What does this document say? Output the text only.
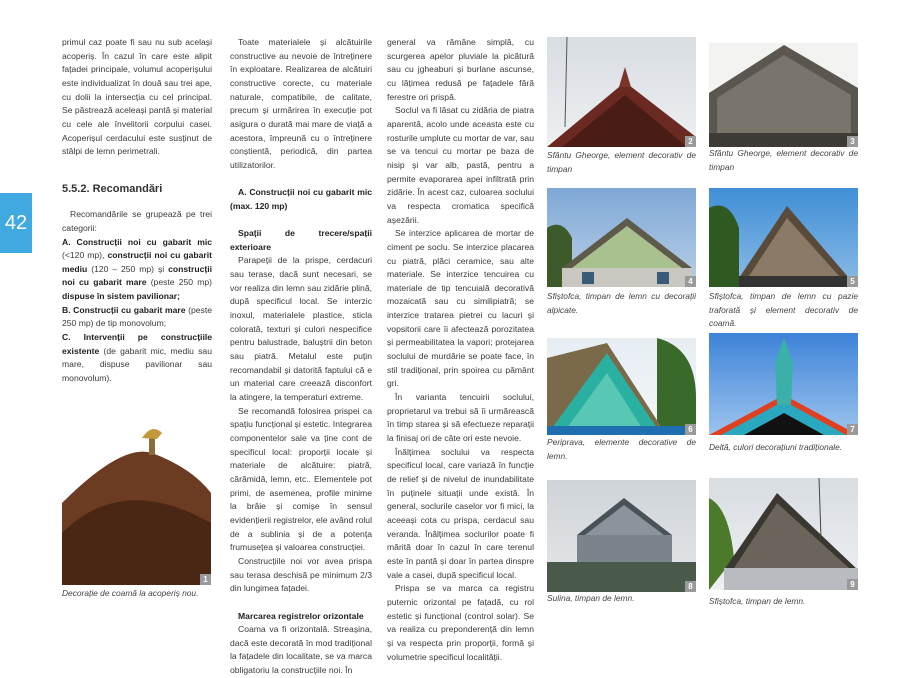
42

primul caz poate fi sau nu sub același acoperiș. În cazul în care este alipit fațadei principale, volumul acoperișului este individualizat în două sau trei ape, cu dolii la intersecția cu cel principal. Se păstrează aceleași pantă și material cu cele ale învelitorii corpului casei. Acoperișul cerdacului este susținut de stâlpi de lemn perimetrali.

5.5.2. Recomandări

Recomandările se grupează pe trei categorii:

A. Construcții noi cu gabarit mic (<120 mp), construcții noi cu gabarit mediu (120 – 250 mp) și construcții noi cu gabarit mare (peste 250 mp) dispuse în sistem pavilionar;

B. Construcții cu gabarit mare (peste 250 mp) de tip monovolum;

C. Intervenții pe construcțiile existente (de gabarit mic, mediu sau mare, dispuse pavilionar sau monovolum).

Toate materialele și alcătuirile constructive au nevoie de întreținere în exploatare. Realizarea de alcătuiri constructive corecte, cu materiale naturale, compatibile, de calitate, precum și urmărirea în execuție pot asigura o durată mai mare de viață a acestora, împreună cu o întreținere conștientă, periodică, din partea utilizatorilor.

A. Construcții noi cu gabarit mic (max. 120 mp)

Spații de trecere/spații exterioare

Parapeții de la prispe, cerdacuri sau terase, dacă sunt necesari, se vor realiza din lemn sau zidărie plină, după specificul local. Se interzic inoxul, materialele plastice, sticla colorată, texturi și culori nespecifice pentru balustrade, baluștrii din beton sau piatră. Metalul este puțin recomandabil și datorită faptului că e un material care creează disconfort la atingere, la temperaturi extreme.

Se recomandă folosirea prispei ca spațiu funcțional și estetic. Integrarea componentelor sale va ține cont de specificul local: proporții locale și materiale de alcătuire: piatră, cărămidă, lemn, etc.. Elementele pot primi, de asemenea, profile minime la brâie și comișe în sensul evidențierii registrelor, ele având rolul de a sublinia și de a potența frumusețea și valoarea construcției.

Construcțiile noi vor avea prispa sau terasa deschisă pe minimum 2/3 din lungimea fațadei.

Marcarea registrelor orizontale

Coama va fi orizontală. Streașina, dacă este decorată în mod tradițional la fațadele din localitate, se va marca obligatoriu la construcțiile noi. În

general va rămâne simplă, cu scurgerea apelor pluviale la picătură sau cu jgheaburi și burlane ascunse, cu lățimea redusă pe fațadele fără ferestre ori prispă.

Soclul va fi lăsat cu zidăria de piatra aparentă, acolo unde aceasta este cu rosturile umplute cu mortar de var, sau se va tencui cu mortar pe baza de nisip și var alb, pastă, pentru a permite evaporarea apei infiltrată prin zidărie. În acest caz, culoarea soclului va respecta cromatica specifică așezării.

Se interzice aplicarea de mortar de ciment pe soclu. Se interzice placarea cu piatră, plăci ceramice, sau alte materiale. Se interzice tencuirea cu materiale de tip tencuială decorativă mozaicată sau cu similipiatră; se interzice tratarea pietrei cu lacuri și vopsitorii care îi afectează porozitatea și permeabilitatea la vapori; protejarea soclului de murdărie se poate face, în stil tradițional, prin spoirea cu pământ gri.

În varianta tencuirii soclului, proprietarul va trebui să îi urmărească în timp starea și să efectueze reparații la finisaj ori de câte ori este nevoie.

Înălțimea soclului va respecta specificul local, care variază în funcție de relief și de nivelul de inundabilitate în puținele situații unde există. În general, soclurile caselor vor fi mici, la aceeași cota cu prispa, cerdacul sau veranda. Înălțimea soclurilor poate fi mărită doar în cazul în care terenul este în pantă și doar în partea dinspre vale a casei, după specificul local.

Prispa se va marca ca registru puternic orizontal pe fațadă, cu rol estetic și funcțional (control solar). Se va realiza cu preponderență din lemn și va respecta prin proporții, formă și volumetrie specificul localității.

1
Decorație de coamă la acoperiș nou.
2
Sfântu Gheorge, element decorativ de timpan
3
Sfântu Gheorge, element decorativ de timpan
4
Sfiștofca, timpan de lemn cu decorații alpicate.
5
Sfiștofca, timpan de lemn cu pazie traforată și element decorativ de coamă.
6
Periprava, elemente decorative de lemn.
7
Deltă, culori decorațiuni tradiționale.
8
Sulina, timpan de lemn.
9
Sfiștofca, timpan de lemn.
